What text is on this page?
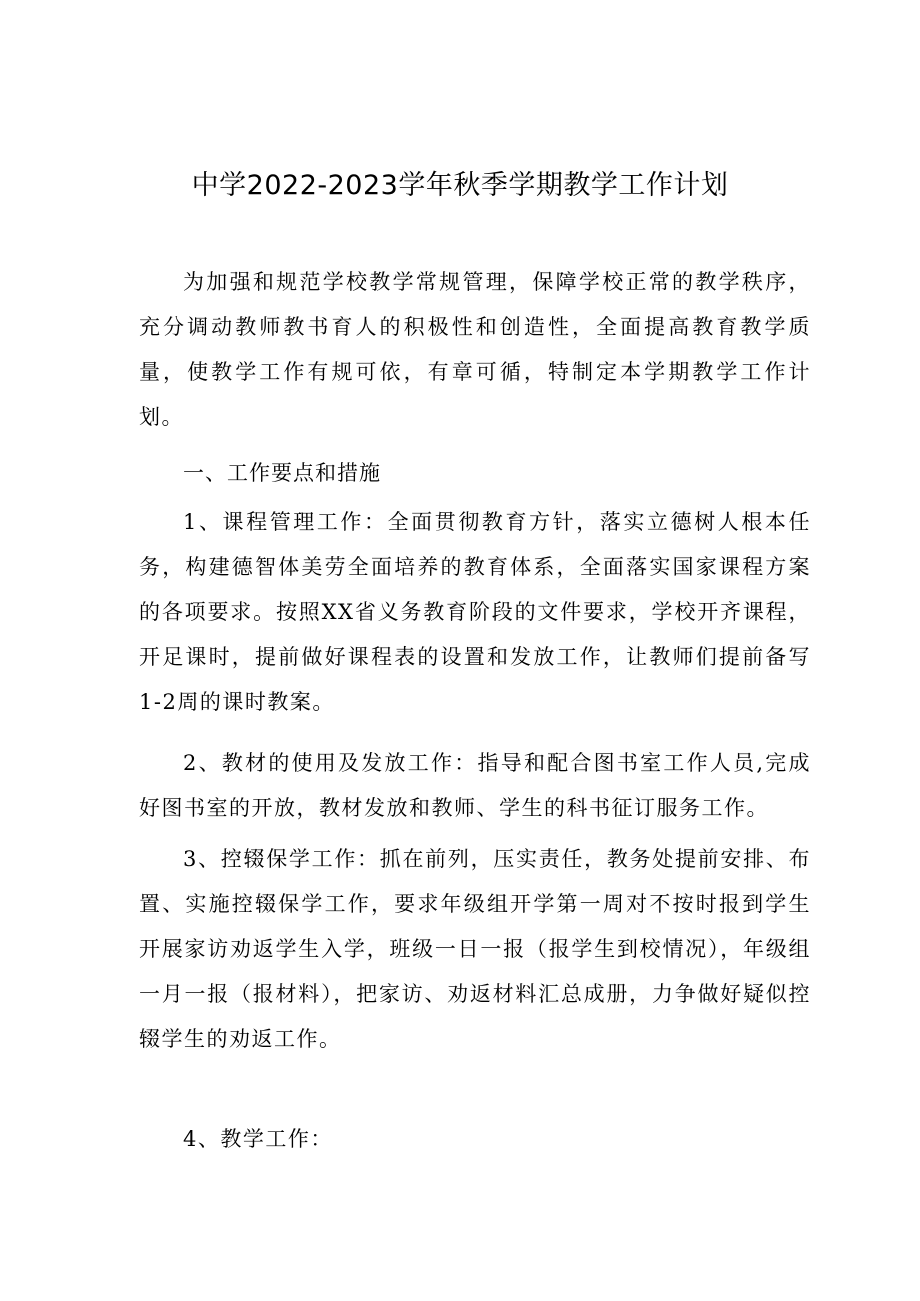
中学2022-2023学年秋季学期教学工作计划

为加强和规范学校教学常规管理，保障学校正常的教学秩序，充分调动教师教书育人的积极性和创造性，全面提高教育教学质量，使教学工作有规可依，有章可循，特制定本学期教学工作计划。

一、工作要点和措施

1、课程管理工作：全面贯彻教育方针，落实立德树人根本任务，构建德智体美劳全面培养的教育体系，全面落实国家课程方案的各项要求。按照XX省义务教育阶段的文件要求，学校开齐课程，开足课时，提前做好课程表的设置和发放工作，让教师们提前备写1-2周的课时教案。

2、教材的使用及发放工作：指导和配合图书室工作人员,完成好图书室的开放，教材发放和教师、学生的科书征订服务工作。

3、控辍保学工作：抓在前列，压实责任，教务处提前安排、布置、实施控辍保学工作，要求年级组开学第一周对不按时报到学生开展家访劝返学生入学，班级一日一报（报学生到校情况），年级组一月一报（报材料），把家访、劝返材料汇总成册，力争做好疑似控辍学生的劝返工作。

4、教学工作：
